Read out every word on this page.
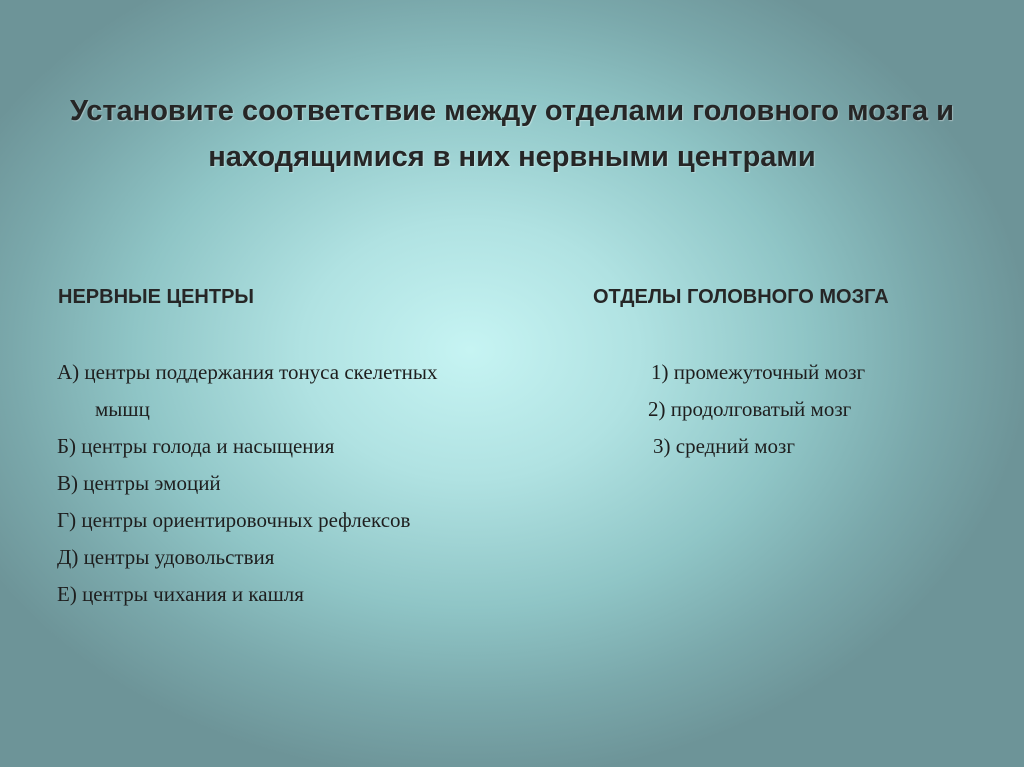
Установите соответствие между отделами головного мозга и
находящимися в них нервными центрами
НЕРВНЫЕ ЦЕНТРЫ	ОТДЕЛЫ ГОЛОВНОГО МОЗГА
А) центры поддержания тонуса скелетных
мышц
Б) центры голода и насыщения
В) центры эмоций
Г) центры ориентировочных рефлексов
Д) центры удовольствия
Е) центры чихания и кашля
1) промежуточный мозг
2) продолговатый мозг
3) средний мозг
